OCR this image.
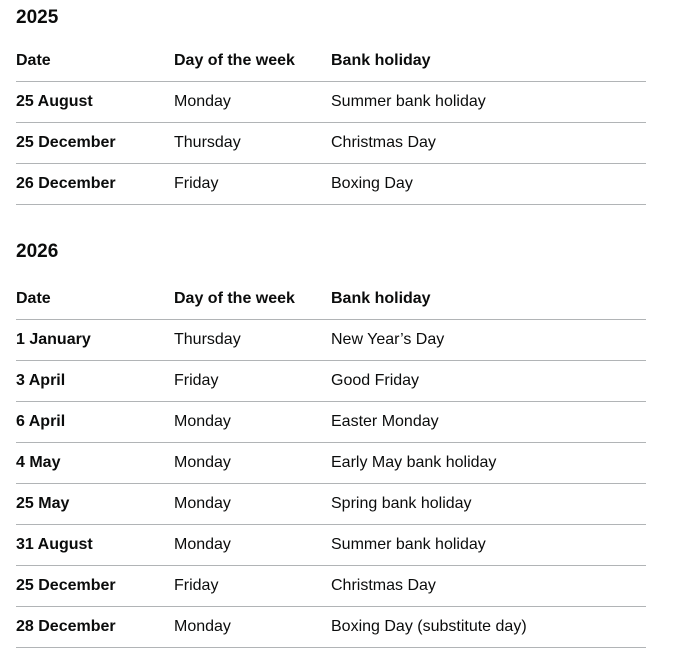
2025
Date	Day of the week	Bank holiday
25 August	Monday	Summer bank holiday
25 December	Thursday	Christmas Day
26 December	Friday	Boxing Day
2026
Date	Day of the week	Bank holiday
1 January	Thursday	New Year’s Day
3 April	Friday	Good Friday
6 April	Monday	Easter Monday
4 May	Monday	Early May bank holiday
25 May	Monday	Spring bank holiday
31 August	Monday	Summer bank holiday
25 December	Friday	Christmas Day
28 December	Monday	Boxing Day (substitute day)
